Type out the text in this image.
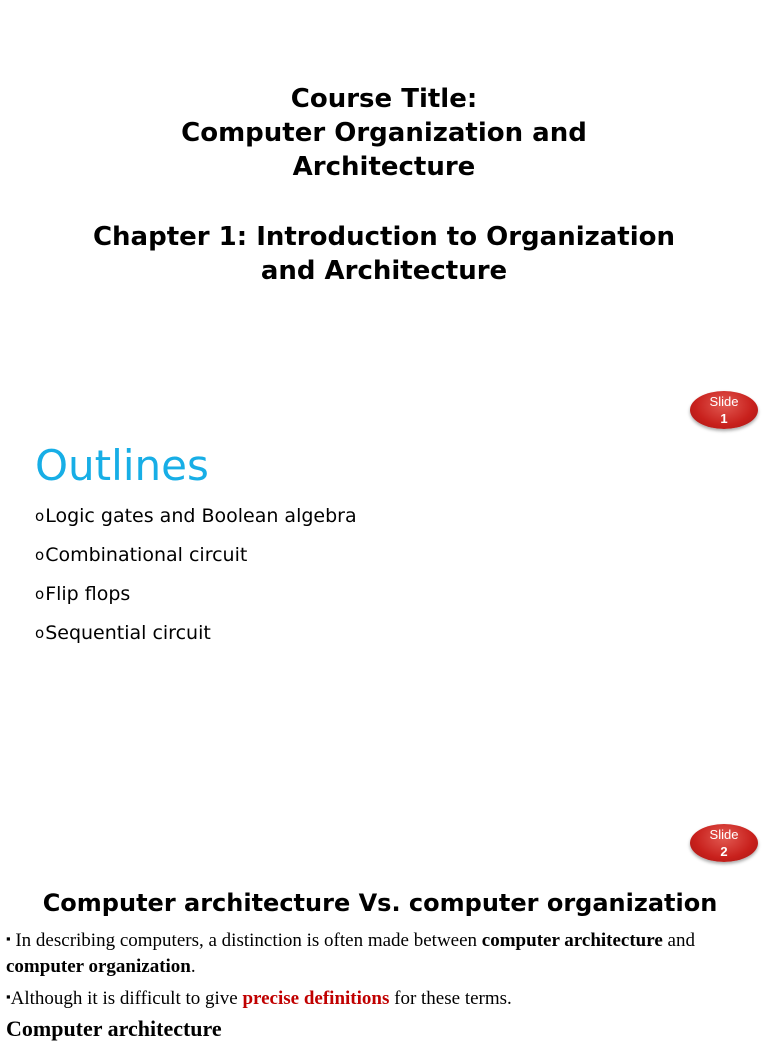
Course Title:
Computer Organization and
Architecture
Chapter 1: Introduction to Organization
and Architecture
Slide
1
Outlines
o Logic gates and Boolean algebra
o Combinational circuit
o Flip flops
o Sequential circuit
Slide
2
Computer architecture Vs. computer organization
▪ In describing computers, a distinction is often made between computer architecture and computer organization.
▪Although it is difficult to give precise definitions for these terms.
Computer architecture
